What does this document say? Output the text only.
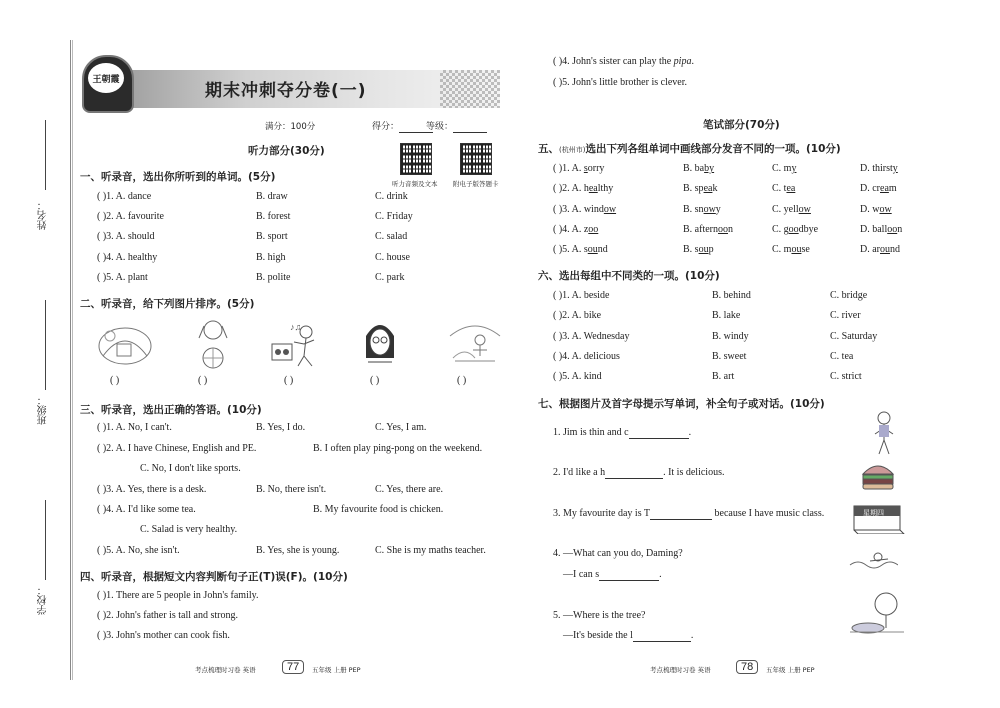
姓名：
班级：
学校：
王朝霞
期末冲刺夺分卷(一)
满分：100分	得分：	等级：
听力部分(30分)
听力音频及文本 附电子版答题卡
一、听录音，选出你所听到的单词。(5分)
( )1. A. dance	B. draw	C. drink
( )2. A. favourite	B. forest	C. Friday
( )3. A. should	B. sport	C. salad
( )4. A. healthy	B. high	C. house
( )5. A. plant	B. polite	C. park
二、听录音，给下列图片排序。(5分)
♪♫
( )	( )	( )	( )	( )
三、听录音，选出正确的答语。(10分)
( )1. A. No, I can't.	B. Yes, I do.	C. Yes, I am.
( )2. A. I have Chinese, English and PE.	B. I often play ping-pong on the weekend.
C. No, I don't like sports.
( )3. A. Yes, there is a desk.	B. No, there isn't.	C. Yes, there are.
( )4. A. I'd like some tea.	B. My favourite food is chicken.
C. Salad is very healthy.
( )5. A. No, she isn't.	B. Yes, she is young.	C. She is my maths teacher.
四、听录音，根据短文内容判断句子正(T)误(F)。(10分)
( )1. There are 5 people in John's family.
( )2. John's father is tall and strong.
( )3. John's mother can cook fish.
考点梳理时习卷 英语	77	五年级 上册 PEP
( )4. John's sister can play the pipa.
( )5. John's little brother is clever.
笔试部分(70分)
五、(杭州市)选出下列各组单词中画线部分发音不同的一项。(10分)
( )1. A. sorry	B. baby	C. my	D. thirsty
( )2. A. healthy	B. speak	C. tea	D. cream
( )3. A. window	B. snowy	C. yellow	D. wow
( )4. A. zoo	B. afternoon	C. goodbye	D. balloon
( )5. A. sound	B. soup	C. mouse	D. around
六、选出每组中不同类的一项。(10分)
( )1. A. beside	B. behind	C. bridge
( )2. A. bike	B. lake	C. river
( )3. A. Wednesday	B. windy	C. Saturday
( )4. A. delicious	B. sweet	C. tea
( )5. A. kind	B. art	C. strict
七、根据图片及首字母提示写单词，补全句子或对话。(10分)
1. Jim is thin and c	.
2. I'd like a h	. It is delicious.
3. My favourite day is T	because I have music class.	星期四
4. —What can you do, Daming?
—I can s	.
5. —Where is the tree?
—It's beside the l	.
考点梳理时习卷 英语	78	五年级 上册 PEP
